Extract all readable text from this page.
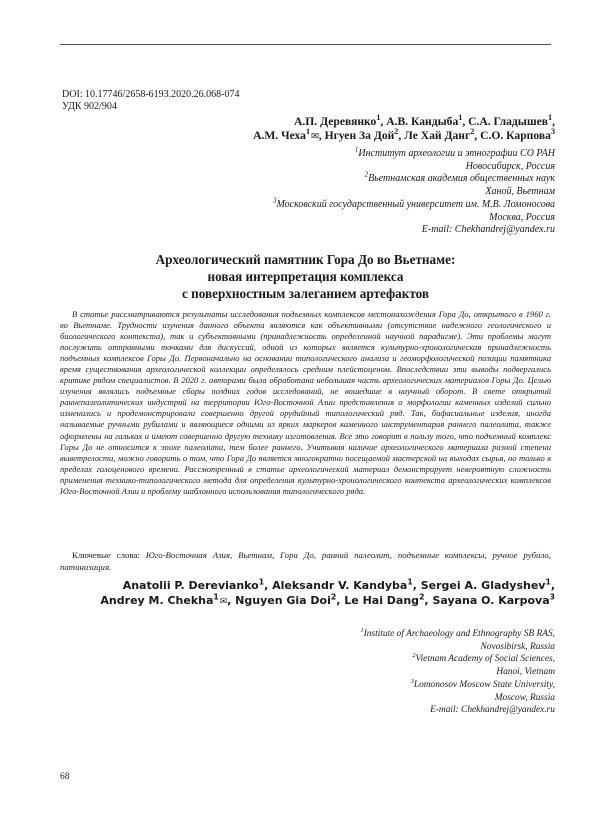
DOI: 10.17746/2658-6193.2020.26.068-074
УДК 902/904
А.П. Деревянко$^1$, А.В. Кандыба$^1$, С.А. Гладышев$^1$,
А.М. Чеха$^1$✉, Нгуен За Дой$^2$, Ле Хай Данг$^2$, С.О. Карпова$^3$
$^1$Институт археологии и этнографии СО РАН
Новосибирск, Россия
$^2$Вьетнамская академия общественных наук
Ханой, Вьетнам
$^3$Московский государственный университет им. М.В. Ломоносова
Москва, Россия
E-mail: Chekhandrej@yandex.ru
Археологический памятник Гора До во Вьетнаме:
новая интерпретация комплекса
с поверхностным залеганием артефактов

В статье рассматриваются результаты исследования подъемных комплексов местонахождения Гора До, открытого в 1960 г. во Вьетнаме. Трудности изучения данного объекта являются как объективными (отсутствие надежного геологического и биологического контекста), так и субъективными (принадлежность определенной научной парадигме). Эти проблемы могут послужить отправными точками для дискуссий, одной из которых является культурно-хронологическая принадлежность подъемных комплексов Горы До. Первоначально на основании типологического анализа и геоморфологической позиции памятника время существования археологической коллекции определялось средним плейстоценом. Впоследствии эти выводы подвергались критике рядом специалистов. В 2020 г. авторами была обработана небольшая часть археологических материалов Горы До. Целью изучения являлись подъемные сборы поздних годов исследований, не вошедшие в научный оборот. В свете открытий раннепалеолитических индустрий на территории Юго-Восточной Азии представления о морфологии каменных изделий сильно изменились и продемонстрировали совершенно другой орудийный типологический ряд. Так, бифасиальные изделия, иногда называемые ручными рубилами и являющиеся одними из ярких маркеров каменного инструментария раннего палеолита, также оформлены на гальках и имеют совершенно другую технику изготовления. Все это говорит в пользу того, что подъемный комплекс Горы До не относится к эпохе палеолита, тем более раннего. Учитывая наличие археологического материала разной степени выветрелости, можно говорить о том, что Гора До является многократно посещаемой мастерской на выходах сырья, но только в пределах голоценового времени. Рассмотренный в статье археологический материал демонстрирует невероятную сложность применения технико-типологического метода для определения культурно-хронологического контекста археологических комплексов Юго-Восточной Азии и проблему шаблонного использования типологического ряда.

Ключевые слова: Юго-Восточная Азия, Вьетнам, Гора До, ранний палеолит, подъемные комплексы, ручное рубило, патинизация.

Anatolii P. Derevianko$^1$, Aleksandr V. Kandyba$^1$, Sergei A. Gladyshev$^1$,
Andrey M. Chekha$^1$✉, Nguyen Gia Doi$^2$, Le Hai Dang$^2$, Sayana O. Karpova$^3$
$^1$Institute of Archaeology and Ethnography SB RAS,
Novosibirsk, Russia
$^2$Vietnam Academy of Social Sciences,
Hanoi, Vietnam
$^3$Lomonosov Moscow State University,
Moscow, Russia
E-mail: Chekhandrej@yandex.ru
68
